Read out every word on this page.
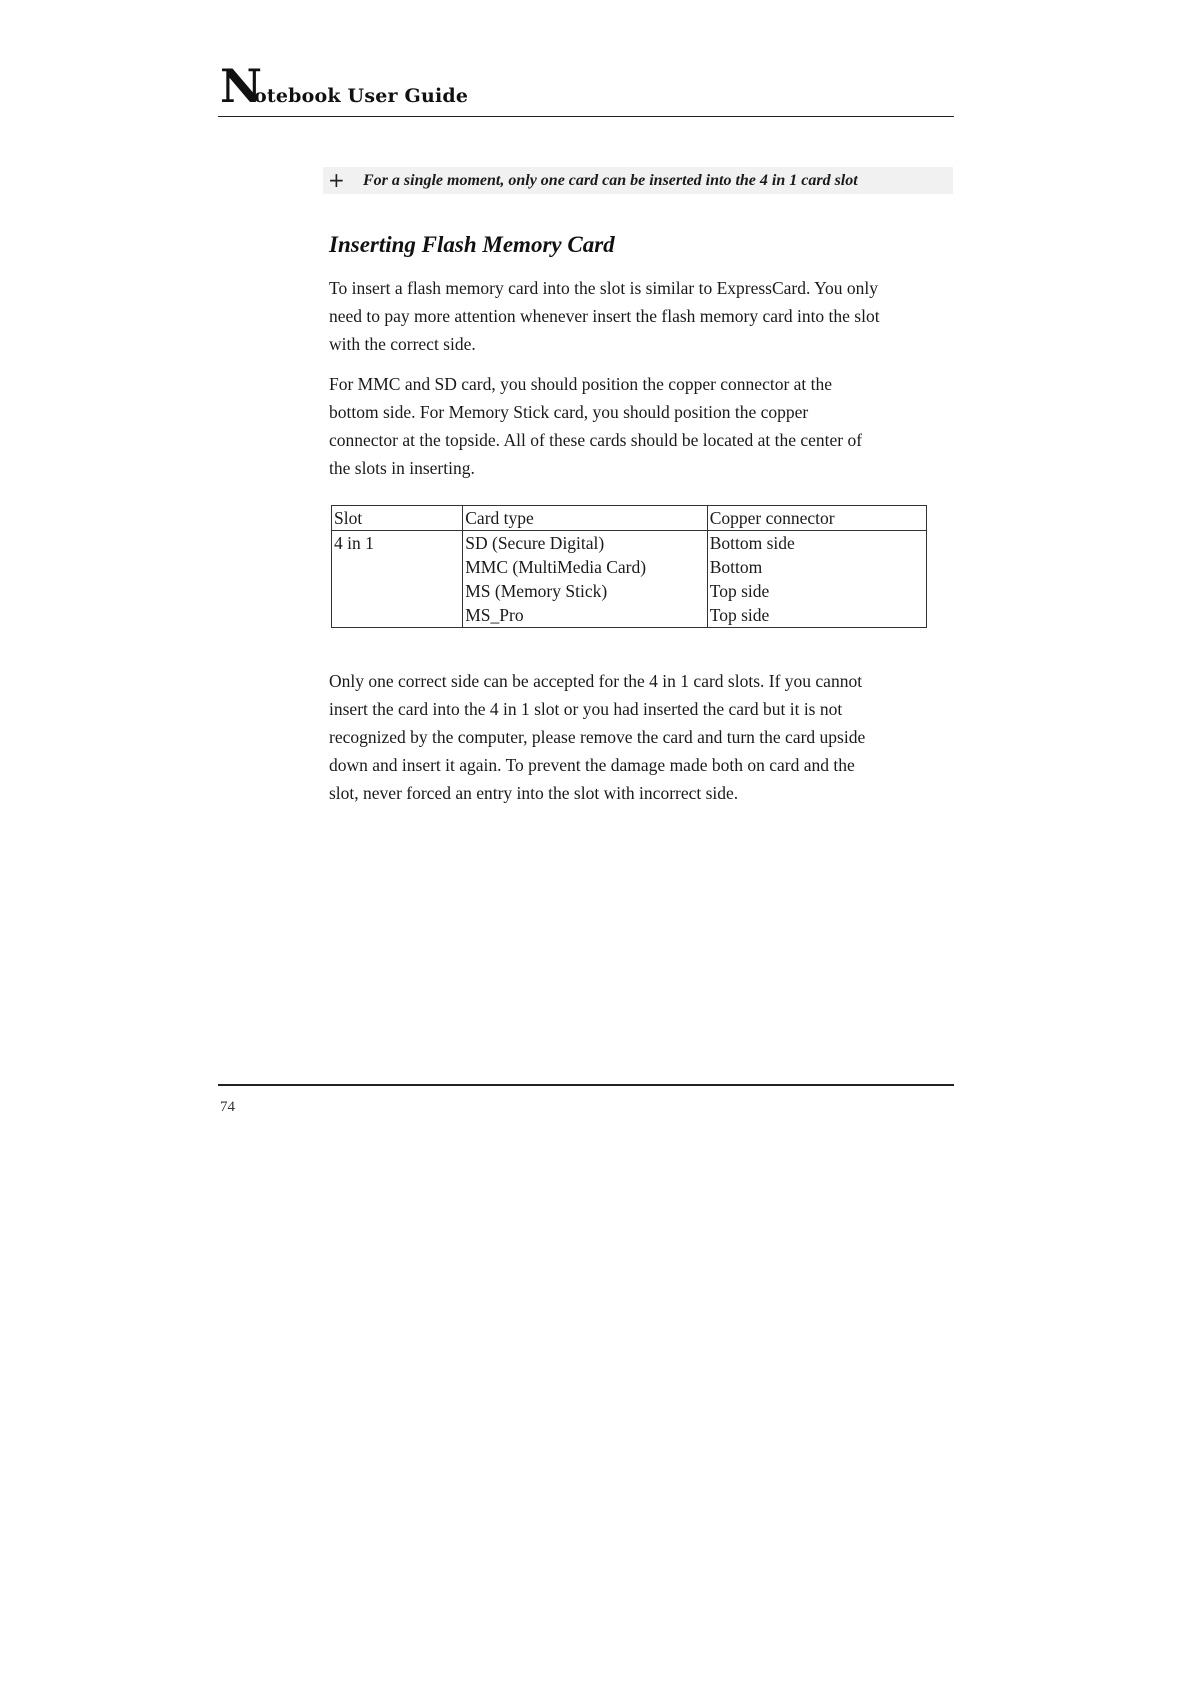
N
otebook User Guide
+ For a single moment, only one card can be inserted into the 4 in 1 card slot
Inserting Flash Memory Card
To insert a flash memory card into the slot is similar to ExpressCard. You only
need to pay more attention whenever insert the flash memory card into the slot
with the correct side.
For MMC and SD card, you should position the copper connector at the
bottom side. For Memory Stick card, you should position the copper
connector at the topside. All of these cards should be located at the center of
the slots in inserting.
Slot	Card type	Copper connector
4 in 1	SD (Secure Digital)	Bottom side
	MMC (MultiMedia Card)	Bottom
	MS (Memory Stick)	Top side
	MS_Pro	Top side
Only one correct side can be accepted for the 4 in 1 card slots. If you cannot
insert the card into the 4 in 1 slot or you had inserted the card but it is not
recognized by the computer, please remove the card and turn the card upside
down and insert it again. To prevent the damage made both on card and the
slot, never forced an entry into the slot with incorrect side.
74
